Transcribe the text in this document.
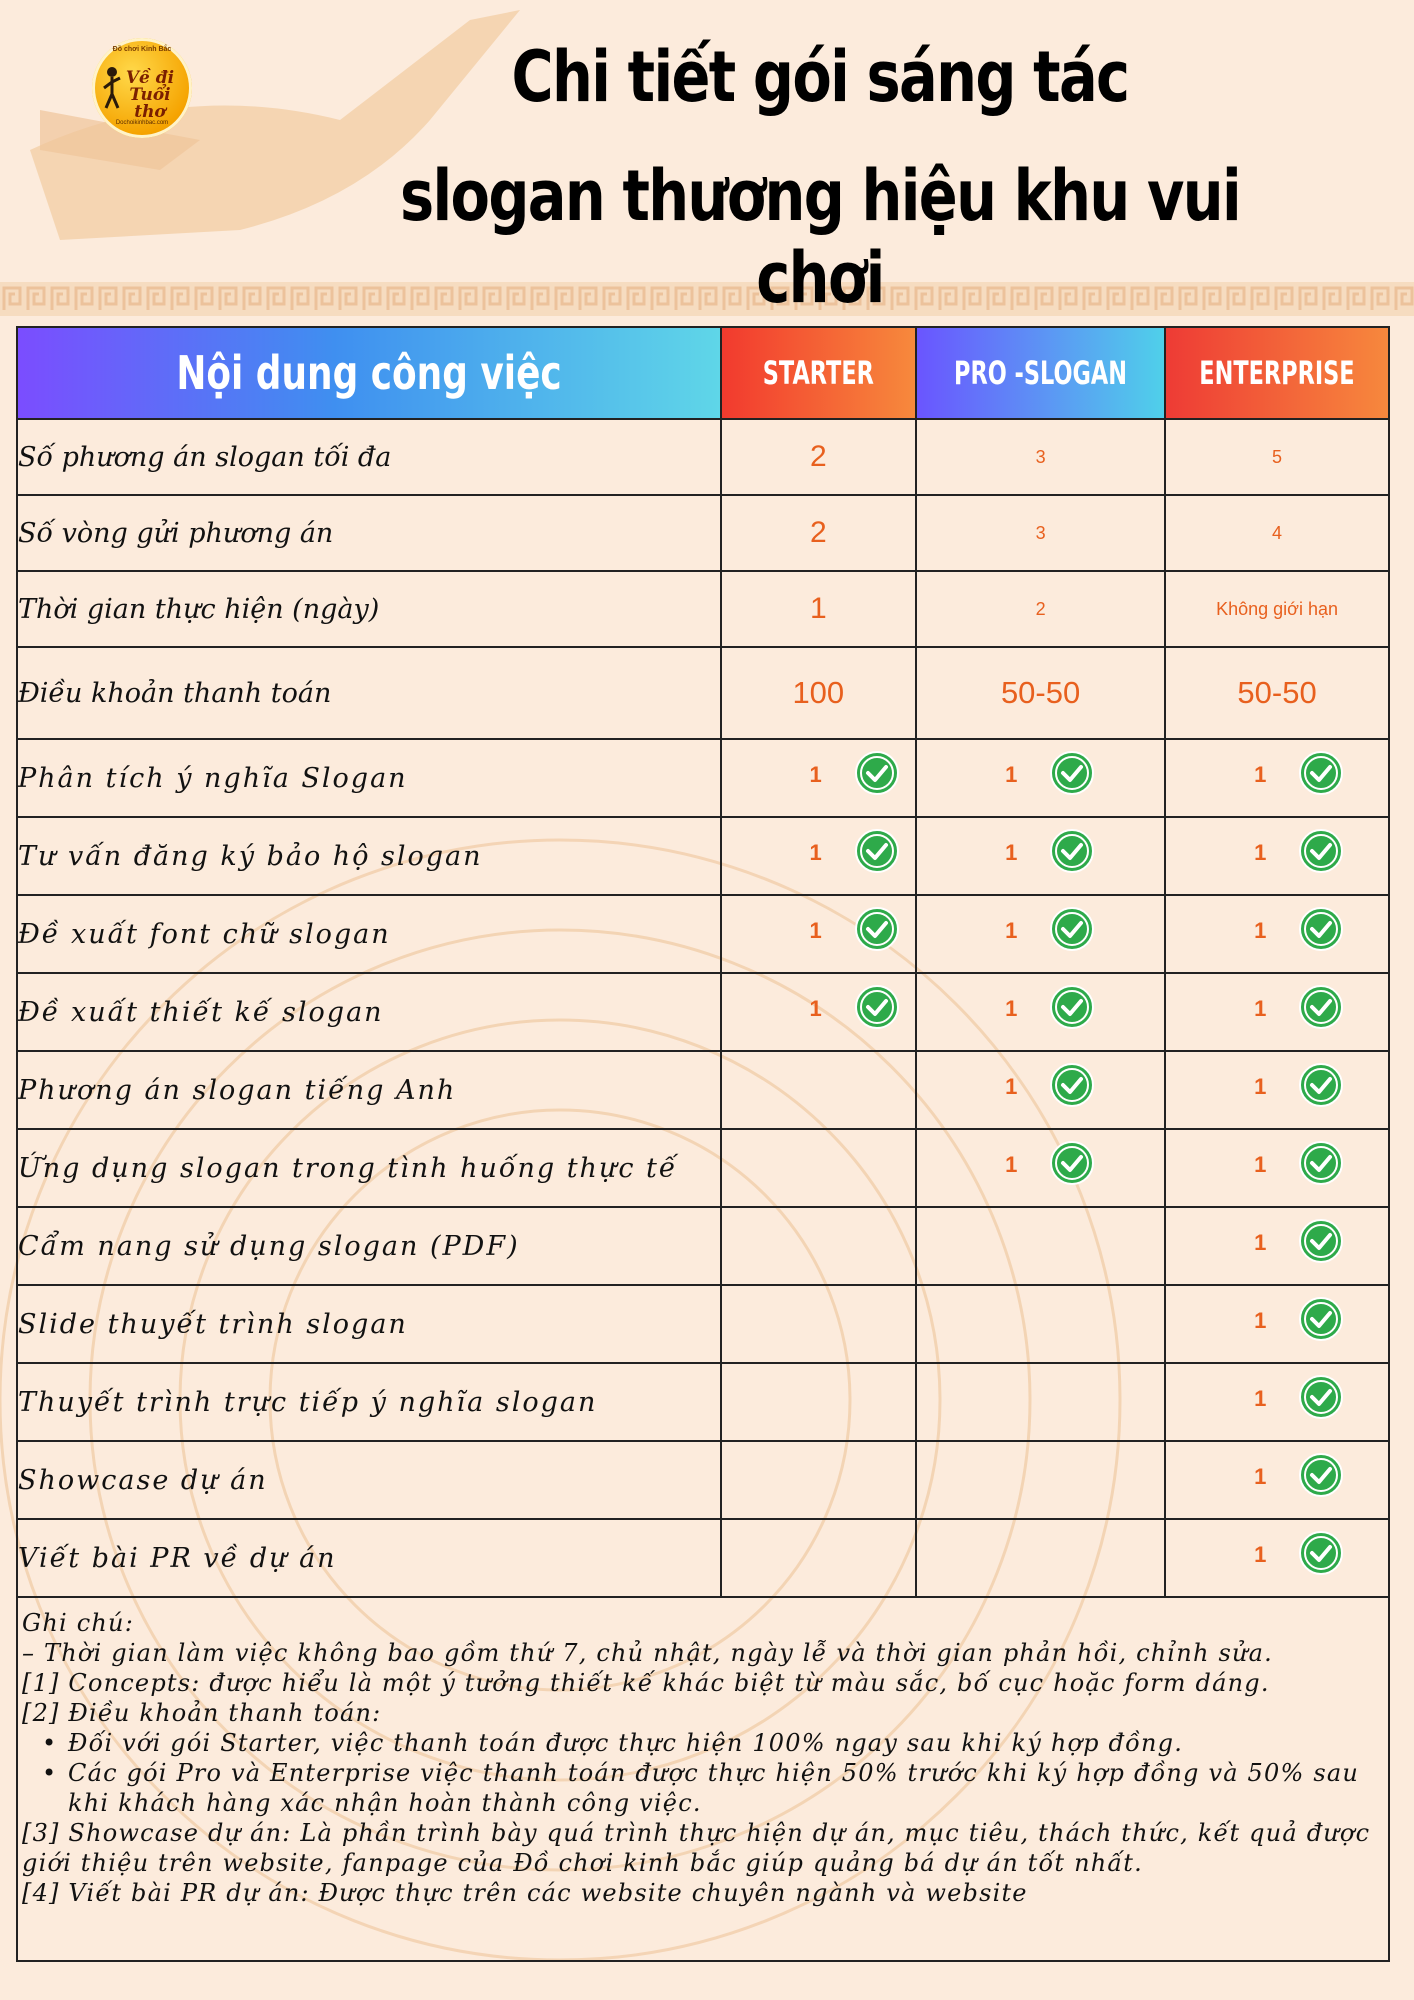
Đồ chơi Kinh Bắc
Về đi Tuổi thơ
Dochoikinhbac.com
Chi tiết gói sáng tác
slogan thương hiệu khu vui chơi
Nội dung công việc	STARTER	PRO -SLOGAN	ENTERPRISE
Số phương án slogan tối đa	2	3	5
Số vòng gửi phương án	2	3	4
Thời gian thực hiện (ngày)	1	2	Không giới hạn
Điều khoản thanh toán	100	50-50	50-50
Phân tích ý nghĩa Slogan	1	1	1

Tư vấn đăng ký bảo hộ slogan	1	1	1

Đề xuất font chữ slogan	1	1	1

Đề xuất thiết kế slogan	1	1	1

Phương án slogan tiếng Anh		1	1

Ứng dụng slogan trong tình huống thực tế		1	1

Cẩm nang sử dụng slogan (PDF)			1

Slide thuyết trình slogan			1

Thuyết trình trực tiếp ý nghĩa slogan			1

Showcase dự án			1

Viết bài PR về dự án			1
Ghi chú:
– Thời gian làm việc không bao gồm thứ 7, chủ nhật, ngày lễ và thời gian phản hồi, chỉnh sửa.
[1] Concepts: được hiểu là một ý tưởng thiết kế khác biệt từ màu sắc, bố cục hoặc form dáng.
[2] Điều khoản thanh toán:
• Đối với gói Starter, việc thanh toán được thực hiện 100% ngay sau khi ký hợp đồng.
• Các gói Pro và Enterprise việc thanh toán được thực hiện 50% trước khi ký hợp đồng và 50% sau khi khách hàng xác nhận hoàn thành công việc.
[3] Showcase dự án: Là phần trình bày quá trình thực hiện dự án, mục tiêu, thách thức, kết quả được giới thiệu trên website, fanpage của Đồ chơi kinh bắc giúp quảng bá dự án tốt nhất.
[4] Viết bài PR dự án: Được thực trên các website chuyên ngành và website
